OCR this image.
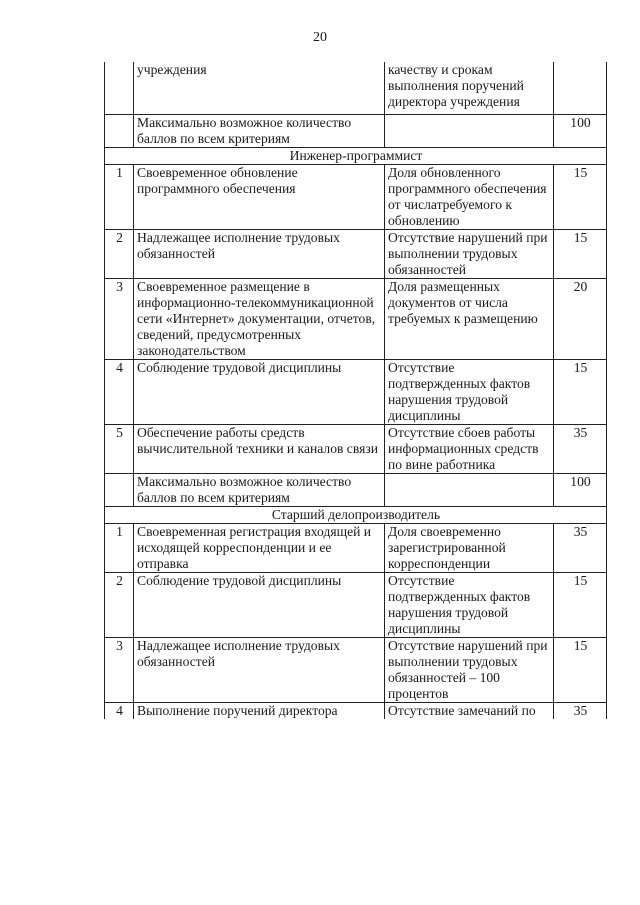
20
	учреждения	качеству и срокам выполнения поручений директора учреждения	
	Максимально возможное количество баллов по всем критериям		100
Инженер-программист			
1	Своевременное обновление программного обеспечения	Доля обновленного программного обеспечения от числатребуемого к обновлению	15
2	Надлежащее исполнение трудовых обязанностей	Отсутствие нарушений при выполнении трудовых обязанностей	15
3	Своевременное размещение в информационно-телекоммуникационной сети «Интернет» документации, отчетов, сведений, предусмотренных законодательством	Доля размещенных документов от числа требуемых к размещению	20
4	Соблюдение трудовой дисциплины	Отсутствие подтвержденных фактов нарушения трудовой дисциплины	15
5	Обеспечение работы средств вычислительной техники и каналов связи	Отсутствие сбоев работы информационных средств по вине работника	35
	Максимально возможное количество баллов по всем критериям		100
Старший делопроизводитель			
1	Своевременная регистрация входящей и исходящей корреспонденции и ее отправка	Доля своевременно зарегистрированной корреспонденции	35
2	Соблюдение трудовой дисциплины	Отсутствие подтвержденных фактов нарушения трудовой дисциплины	15
3	Надлежащее исполнение трудовых обязанностей	Отсутствие нарушений при выполнении трудовых обязанностей – 100 процентов	15
4	Выполнение поручений директора	Отсутствие замечаний по	35
